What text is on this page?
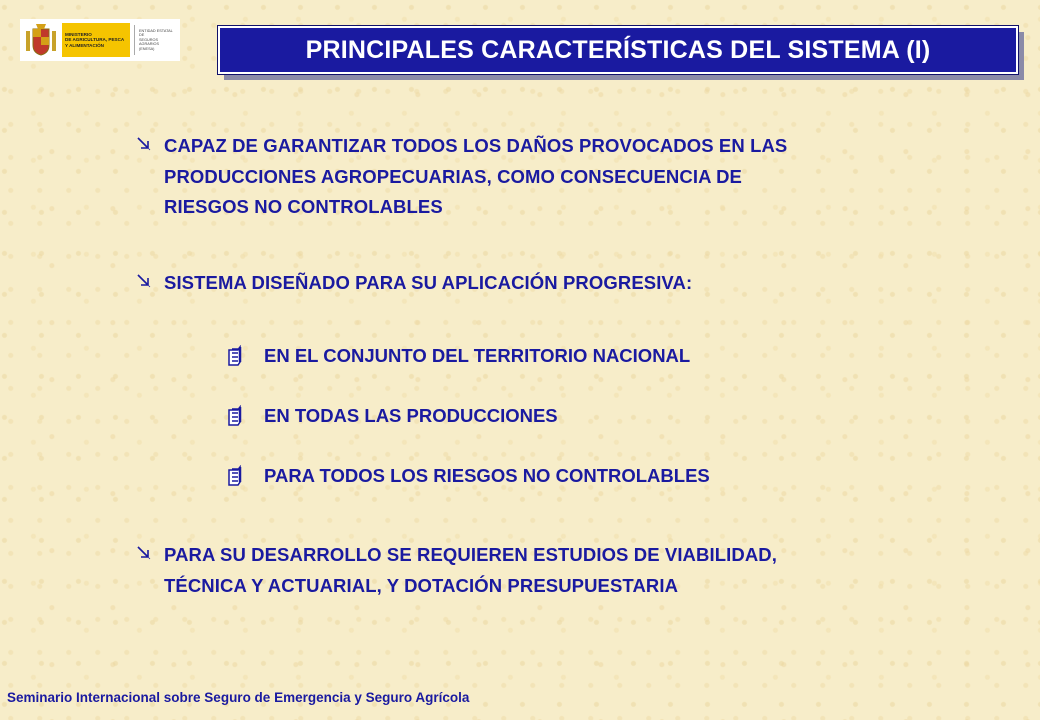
MINISTERIO
DE AGRICULTURA, PESCA
Y ALIMENTACIÓN
ENTIDAD ESTATAL DE
SEGUROS AGRARIOS
(ENESA)	PRINCIPALES CARACTERÍSTICAS DEL SISTEMA (I)
CAPAZ DE GARANTIZAR TODOS LOS DAÑOS PROVOCADOS EN LAS
PRODUCCIONES AGROPECUARIAS, COMO CONSECUENCIA DE
RIESGOS NO CONTROLABLES
SISTEMA DISEÑADO PARA SU APLICACIÓN PROGRESIVA:
EN EL CONJUNTO DEL TERRITORIO NACIONAL
EN TODAS LAS PRODUCCIONES
PARA TODOS LOS RIESGOS NO CONTROLABLES
PARA SU DESARROLLO SE REQUIEREN ESTUDIOS DE VIABILIDAD,
TÉCNICA Y ACTUARIAL, Y DOTACIÓN PRESUPUESTARIA
Seminario Internacional sobre Seguro de Emergencia y Seguro Agrícola
